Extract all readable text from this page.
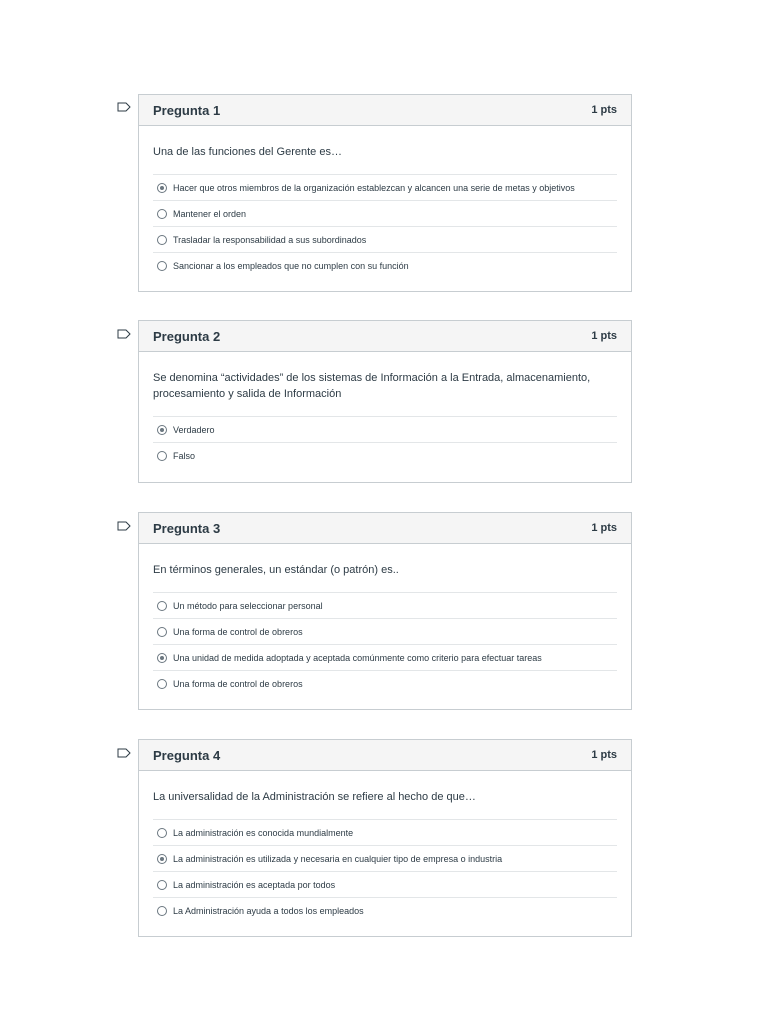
Pregunta 1	1 pts
Una de las funciones del Gerente es…
Hacer que otros miembros de la organización establezcan y alcancen una serie de metas y objetivos
Mantener el orden
Trasladar la responsabilidad a sus subordinados
Sancionar a los empleados que no cumplen con su función
Pregunta 2	1 pts
Se denomina “actividades” de los sistemas de Información a la Entrada, almacenamiento, procesamiento y salida de Información
Verdadero
Falso
Pregunta 3	1 pts
En términos generales, un estándar (o patrón) es..
Un método para seleccionar personal
Una forma de control de obreros
Una unidad de medida adoptada y aceptada comúnmente como criterio para efectuar tareas
Una forma de control de obreros
Pregunta 4	1 pts
La universalidad de la Administración se refiere al hecho de que…
La administración es conocida mundialmente
La administración es utilizada y necesaria en cualquier tipo de empresa o industria
La administración es aceptada por todos
La Administración ayuda a todos los empleados
